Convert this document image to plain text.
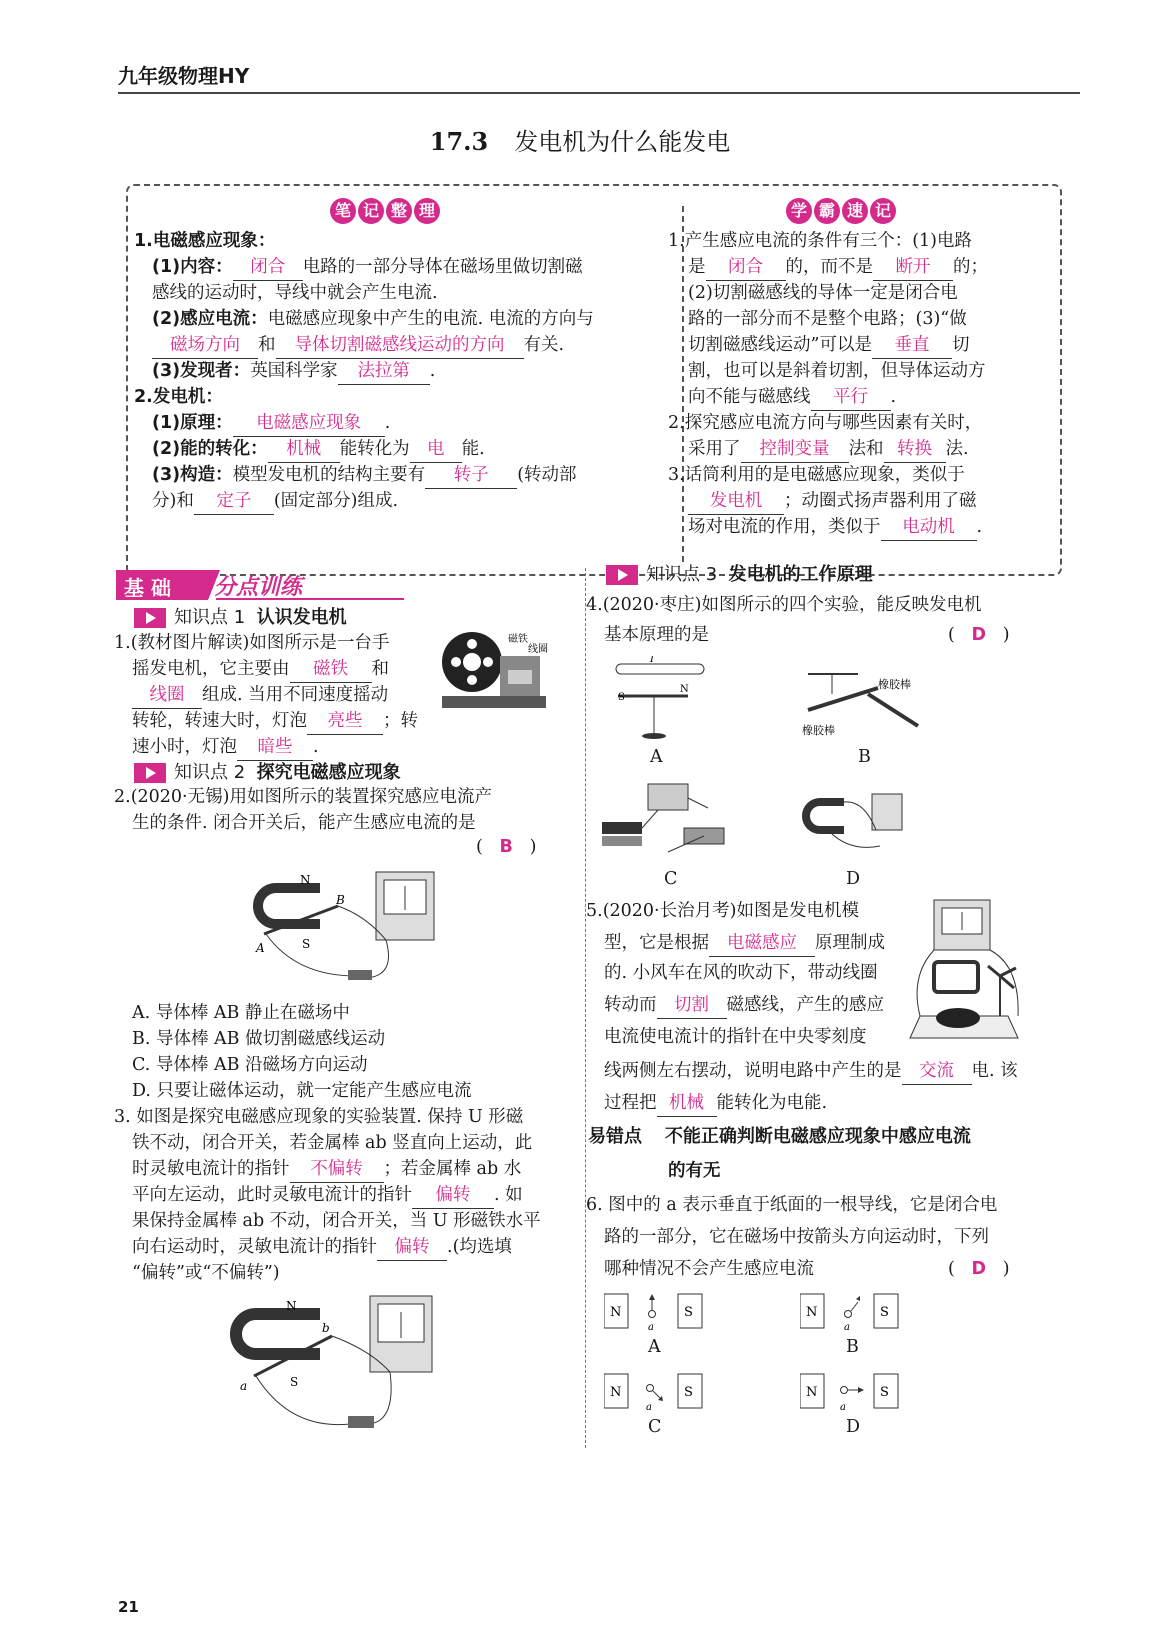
九年级物理HY
17.3 发电机为什么能发电
笔 记 整 理	学 霸 速 记
1.电磁感应现象：
(1)内容： 闭合 电路的一部分导体在磁场里做切割磁
感线的运动时，导线中就会产生电流.
(2)感应电流：电磁感应现象中产生的电流. 电流的方向与
磁场方向 和 导体切割磁感线运动的方向 有关.
(3)发现者：英国科学家 法拉第 .
2.发电机：
(1)原理： 电磁感应现象 .
(2)能的转化： 机械 能转化为 电 能.
(3)构造：模型发电机的结构主要有 转子 (转动部
分)和 定子 (固定部分)组成.
1.产生感应电流的条件有三个：(1)电路
是 闭合 的，而不是 断开 的；
(2)切割磁感线的导体一定是闭合电
路的一部分而不是整个电路；(3)“做
切割磁感线运动”可以是 垂直 切
割，也可以是斜着切割，但导体运动方
向不能与磁感线 平行 .
2.探究感应电流方向与哪些因素有关时，
采用了 控制变量 法和 转换 法.
3.话筒利用的是电磁感应现象，类似于
发电机 ；动圈式扬声器利用了磁
场对电流的作用，类似于 电动机 .
基 础 分点训练
知识点 1 认识发电机
1.(教材图片解读)如图所示是一台手
摇发电机，它主要由 磁铁 和
线圈 组成. 当用不同速度摇动
转轮，转速大时，灯泡 亮些 ；转
速小时，灯泡 暗些 .
磁铁
线圈
知识点 2 探究电磁感应现象
2.(2020·无锡)用如图所示的装置探究感应电流产
生的条件. 闭合开关后，能产生感应电流的是
( B )
N
S
A
B
A. 导体棒 AB 静止在磁场中
B. 导体棒 AB 做切割磁感线运动
C. 导体棒 AB 沿磁场方向运动
D. 只要让磁体运动，就一定能产生感应电流
3. 如图是探究电磁感应现象的实验装置. 保持 U 形磁
铁不动，闭合开关，若金属棒 ab 竖直向上运动，此
时灵敏电流计的指针 不偏转 ；若金属棒 ab 水
平向左运动，此时灵敏电流计的指针 偏转 . 如
果保持金属棒 ab 不动，闭合开关，当 U 形磁铁水平
向右运动时，灵敏电流计的指针 偏转 .(均选填
“偏转”或“不偏转”)
N
S
a
b
知识点 3 发电机的工作原理
4.(2020·枣庄)如图所示的四个实验，能反映发电机
基本原理的是	( D )
I
S
N
A
橡胶棒
橡胶棒
B
C	D
5.(2020·长治月考)如图是发电机模
型，它是根据 电磁感应 原理制成
的. 小风车在风的吹动下，带动线圈
转动而 切割 磁感线，产生的感应
电流使电流计的指针在中央零刻度
线两侧左右摆动，说明电路中产生的是 交流 电. 该
过程把 机械 能转化为电能.
易错点 不能正确判断电磁感应现象中感应电流
的有无
6. 图中的 a 表示垂直于纸面的一根导线，它是闭合电
路的一部分，它在磁场中按箭头方向运动时，下列
哪种情况不会产生感应电流	( D )
N	S
a
A
N	S
a
B
N	S
a
C
N	S
a
D
21
